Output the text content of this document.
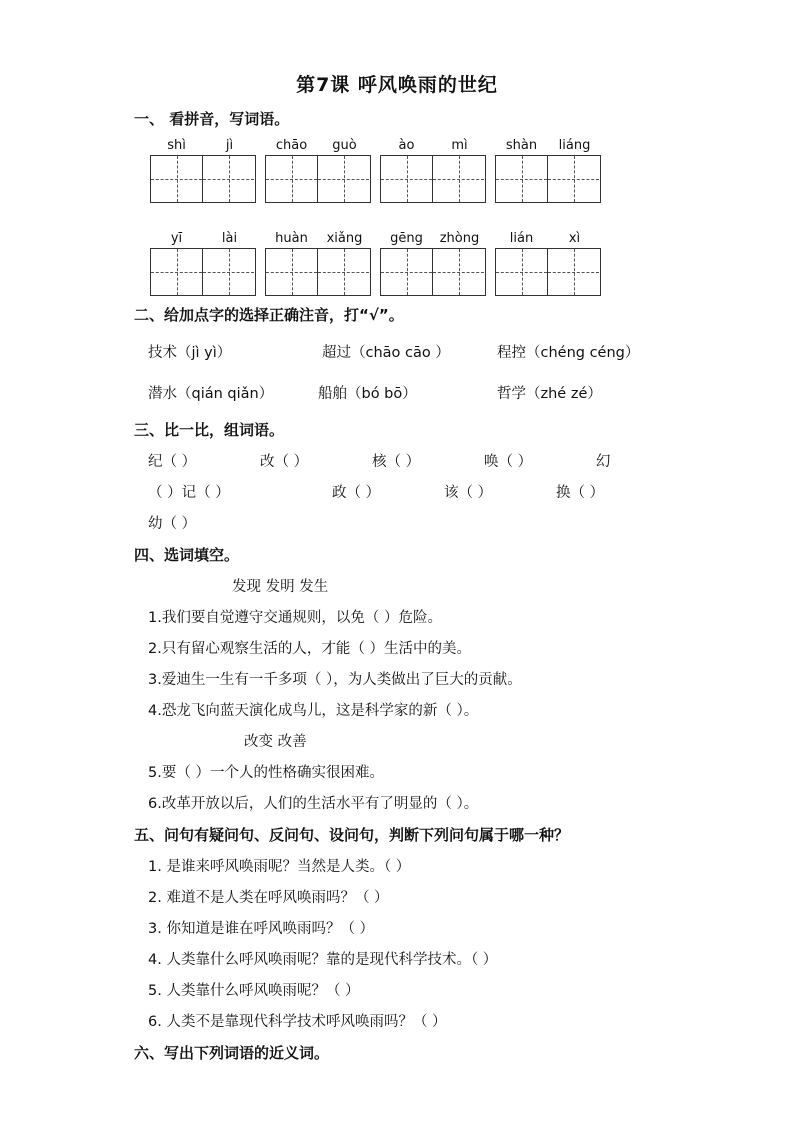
第7课 呼风唤雨的世纪
一、 看拼音，写词语。
shì	jì	chāo	guò	ào	mì	shàn	liáng
yī	lài	huàn	xiǎng	gēng	zhòng	lián	xì
二、给加点字的选择正确注音，打“√”。
技术（jì yì）	超过（chāo cāo ）	程控（chéng céng）
潜水（qián qiǎn）	船舶（bó bō）	哲学（zhé zé）
三、比一比，组词语。
纪（ ）	改（ ）	核（ ）	唤（ ）	幻
（ ）记（ ）	政（ ）	该（ ）	换（ ）
幼（ ）
四、选词填空。
发现 发明 发生
1.我们要自觉遵守交通规则，以免（ ）危险。
2.只有留心观察生活的人，才能（ ）生活中的美。
3.爱迪生一生有一千多项（ ），为人类做出了巨大的贡献。
4.恐龙飞向蓝天演化成鸟儿，这是科学家的新（ ）。
改变 改善
5.要（ ）一个人的性格确实很困难。
6.改革开放以后，人们的生活水平有了明显的（ ）。
五、问句有疑问句、反问句、设问句，判断下列问句属于哪一种？
1. 是谁来呼风唤雨呢？当然是人类。（ ）
2. 难道不是人类在呼风唤雨吗？（ ）
3. 你知道是谁在呼风唤雨吗？（ ）
4. 人类靠什么呼风唤雨呢？靠的是现代科学技术。（ ）
5. 人类靠什么呼风唤雨呢？（ ）
6. 人类不是靠现代科学技术呼风唤雨吗？（ ）
六、写出下列词语的近义词。
